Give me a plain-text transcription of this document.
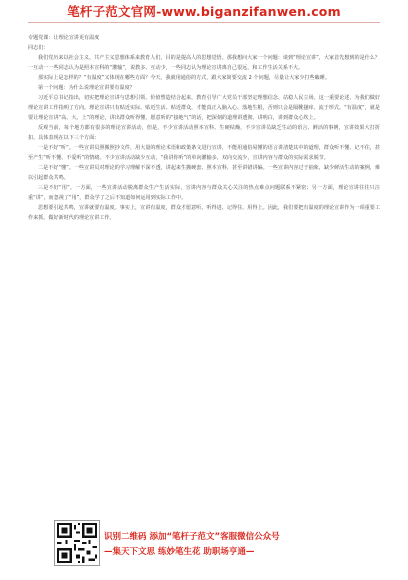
笔杆子范文官网-www.biganzifanwen.com

专题党课：让理论宣讲更有温度

同志们：

我们党历来以社会主义、共产主义思想体系来教育人们，目的是提高人的思想觉悟。那我想问大家一个问题：谈到“理论宣讲”，大家首先想到的是什么？一互动一一些同志认为是照本宣科的“灌输”，说教多、互动少，一些同志认为理论宣讲离自己很远，和工作生活关系不大。

那实际上是怎样的？“有温度”又体现在哪些方面？今天，我就用通俗的方式，跟大家简要交流 2 个问题，尽量让大家少打些瞌睡。

第一个问题：为什么说理论宣讲要有温度？

习近平总书记指出，切实把理论宣讲与思想引领、价值塑造结合起来，教育引导广大党员干部坚定理想信念、站稳人民立场。这一重要论述，为我们做好理论宣讲工作指明了方向。理论宣讲只有贴近实际、贴近生活、贴近群众，才能真正入脑入心、落地生根，否则只会是隔靴搔痒、流于形式。“有温度”，就是要让理论宣讲“高、大、上”的理论，讲出群众听得懂、愿意听的“接地气”的话，把深刻的道理讲透彻、讲明白，讲到群众心坎上。

反观当前，每个地方都有很多的理论宣讲活动，但是，不少宣讲活动照本宣科、生硬枯燥，不少宣讲员缺乏生动的语言、鲜活的事例，宣讲效果大打折扣。具体表现在以下三个方面：

一是不好“听”。一些宣讲员照搬照抄文件，用大量的理论术语和政策条文进行宣讲，不能用通俗易懂的语言讲清楚其中的道理，群众听不懂、记不住，甚至产生“听不懂、不爱听”的情绪。不少宣讲活动缺少互动，“我讲你听”的单向灌输多，双向交流少，宣讲内容与群众的实际需求脱节。

二是不好“懂”。一些宣讲员对理论的学习理解不深不透，讲起来生搬硬套、照本宣科，甚至讲错讲偏。一些宣讲内容过于抽象，缺少鲜活生动的案例，难以引起群众共鸣。

三是不好“用”。一方面，一些宣讲活动脱离群众生产生活实际，宣讲内容与群众关心关注的热点难点问题联系不紧密；另一方面，理论宣讲往往只注重“讲”，而忽视了“用”，群众学了之后不知道如何运用到实际工作中。

思想要引起共鸣，宣讲就要有温度。事实上，宣讲有温度，群众才愿意听、听得进、记得住、用得上。因此，我们要把有温度的理论宣讲作为一项重要工作来抓，做好新时代的理论宣讲工作。

识别二维码 添加“笔杆子范文”客服微信公众号
—集天下文思 练妙笔生花 助职场亨通—
